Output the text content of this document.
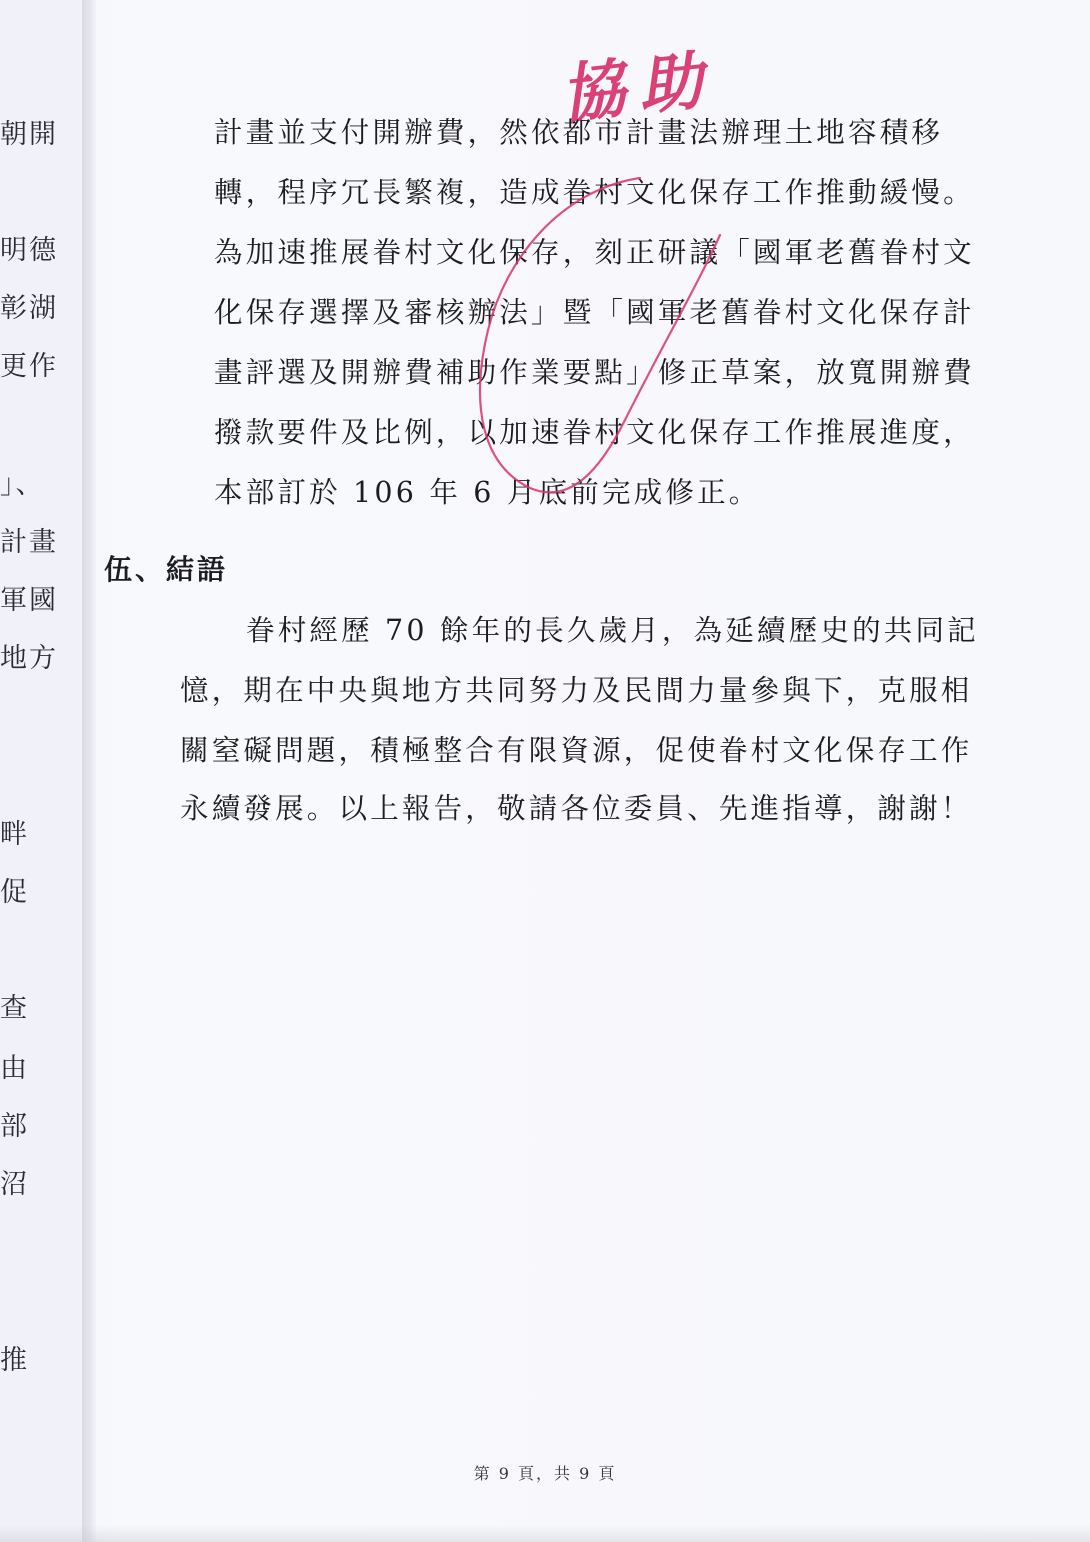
朝開
明德
彰湖
更作
」、
計畫
軍國
地方
畔
促
查
由
部
沼
推
計畫並支付開辦費，然依都市計畫法辦理土地容積移
轉，程序冗長繁複，造成眷村文化保存工作推動緩慢。
為加速推展眷村文化保存，刻正研議「國軍老舊眷村文
化保存選擇及審核辦法」暨「國軍老舊眷村文化保存計
畫評選及開辦費補助作業要點」修正草案，放寬開辦費
撥款要件及比例，以加速眷村文化保存工作推展進度，
本部訂於 106 年 6 月底前完成修正。
伍、結語
眷村經歷 70 餘年的長久歲月，為延續歷史的共同記
憶，期在中央與地方共同努力及民間力量參與下，克服相
關窒礙問題，積極整合有限資源，促使眷村文化保存工作
永續發展。以上報告，敬請各位委員、先進指導，謝謝！
第 9 頁，共 9 頁
協助
